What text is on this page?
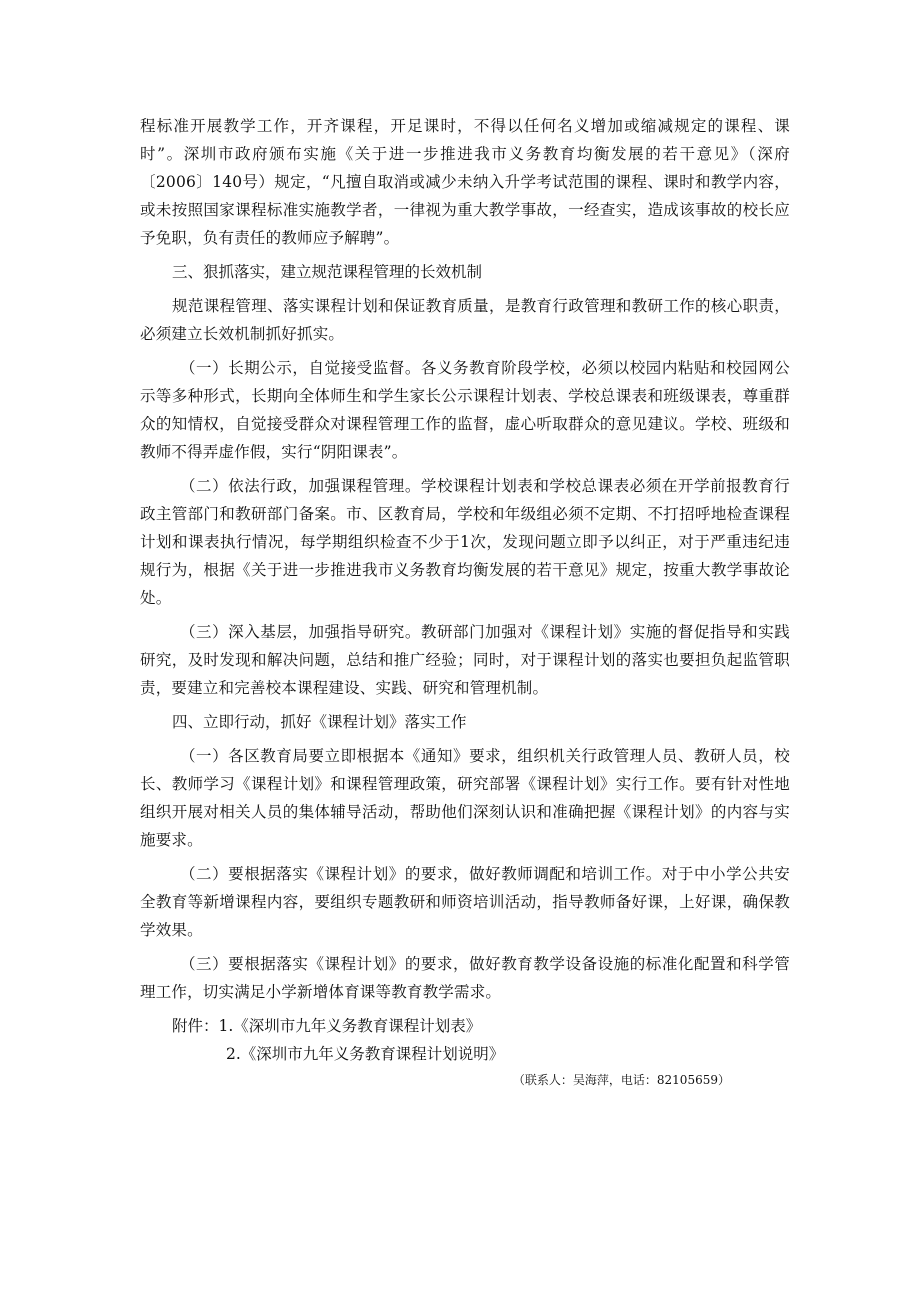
程标准开展教学工作，开齐课程，开足课时，不得以任何名义增加或缩减规定的课程、课时”。深圳市政府颁布实施《关于进一步推进我市义务教育均衡发展的若干意见》（深府〔2006〕140号）规定，“凡擅自取消或减少未纳入升学考试范围的课程、课时和教学内容，或未按照国家课程标准实施教学者，一律视为重大教学事故，一经查实，造成该事故的校长应予免职，负有责任的教师应予解聘”。

三、狠抓落实，建立规范课程管理的长效机制

规范课程管理、落实课程计划和保证教育质量，是教育行政管理和教研工作的核心职责，必须建立长效机制抓好抓实。

（一）长期公示，自觉接受监督。各义务教育阶段学校，必须以校园内粘贴和校园网公示等多种形式，长期向全体师生和学生家长公示课程计划表、学校总课表和班级课表，尊重群众的知情权，自觉接受群众对课程管理工作的监督，虚心听取群众的意见建议。学校、班级和教师不得弄虚作假，实行“阴阳课表”。

（二）依法行政，加强课程管理。学校课程计划表和学校总课表必须在开学前报教育行政主管部门和教研部门备案。市、区教育局，学校和年级组必须不定期、不打招呼地检查课程计划和课表执行情况，每学期组织检查不少于1次，发现问题立即予以纠正，对于严重违纪违规行为，根据《关于进一步推进我市义务教育均衡发展的若干意见》规定，按重大教学事故论处。

（三）深入基层，加强指导研究。教研部门加强对《课程计划》实施的督促指导和实践研究，及时发现和解决问题，总结和推广经验；同时，对于课程计划的落实也要担负起监管职责，要建立和完善校本课程建设、实践、研究和管理机制。

四、立即行动，抓好《课程计划》落实工作

（一）各区教育局要立即根据本《通知》要求，组织机关行政管理人员、教研人员，校长、教师学习《课程计划》和课程管理政策，研究部署《课程计划》实行工作。要有针对性地组织开展对相关人员的集体辅导活动，帮助他们深刻认识和准确把握《课程计划》的内容与实施要求。

（二）要根据落实《课程计划》的要求，做好教师调配和培训工作。对于中小学公共安全教育等新增课程内容，要组织专题教研和师资培训活动，指导教师备好课，上好课，确保教学效果。

（三）要根据落实《课程计划》的要求，做好教育教学设备设施的标准化配置和科学管理工作，切实满足小学新增体育课等教育教学需求。

附件：1.《深圳市九年义务教育课程计划表》
2.《深圳市九年义务教育课程计划说明》
（联系人：吴海萍，电话：82105659）
